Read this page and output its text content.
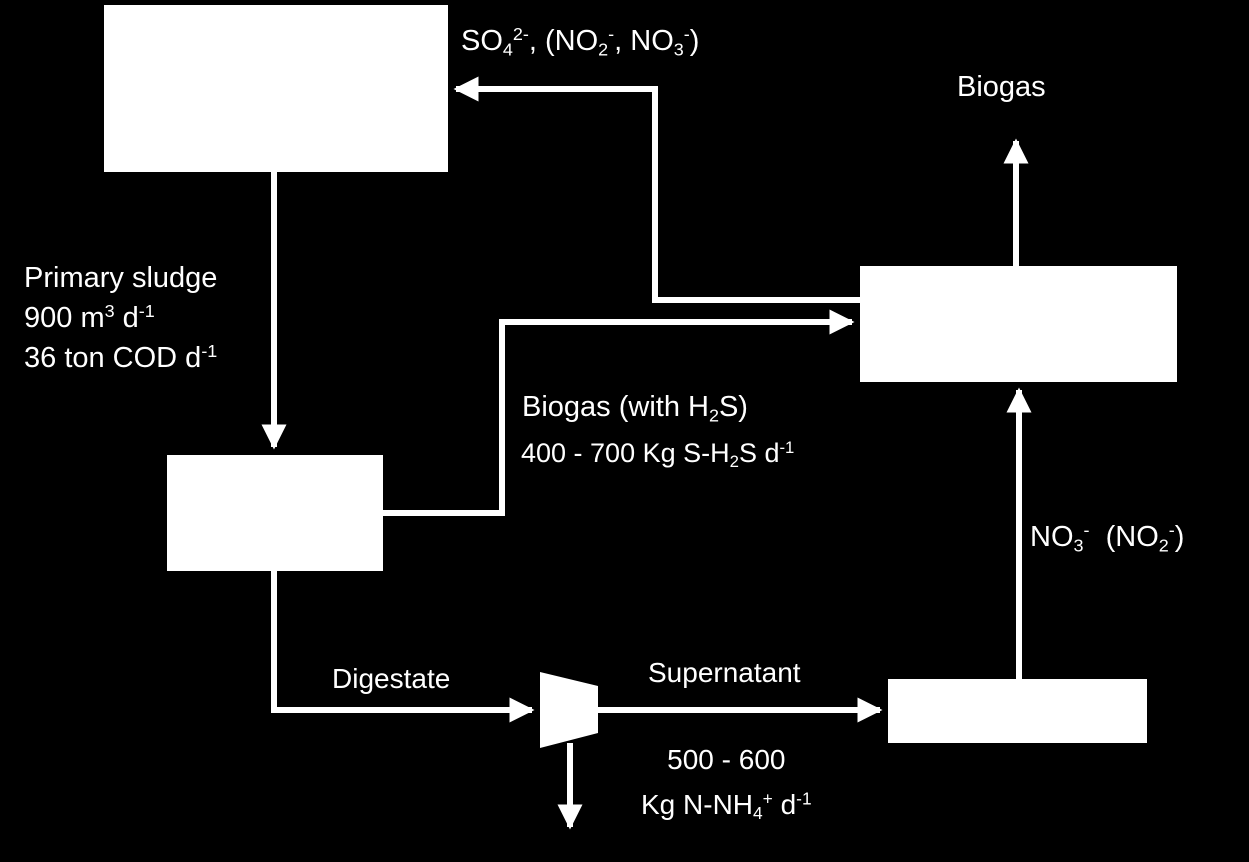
$SO_4^{2-}$, ($NO_2^-$, $NO_3^-$)
Biogas
Primary sludge
900 $m^3$ $d^{-1}$
36 ton COD $d^{-1}$
Biogas (with $H_2S$)
400 - 700 Kg $S-H_2S$ $d^{-1}$
$NO_3^-$  $(NO_2^-)$
Digestate	Supernatant
500 - 600
Kg $N-NH_4^+$ $d^{-1}$
